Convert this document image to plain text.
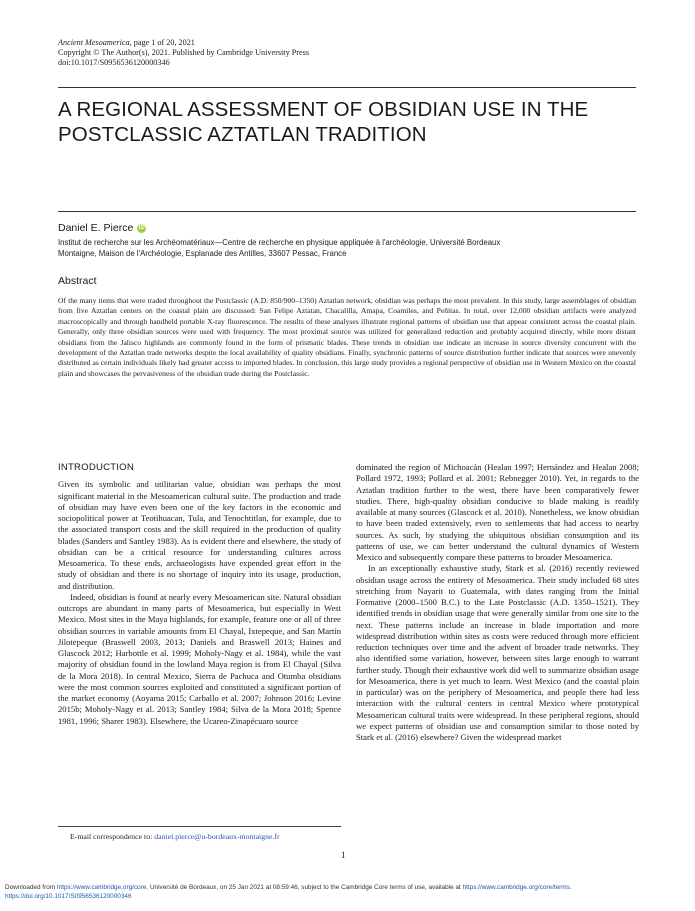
Ancient Mesoamerica, page 1 of 20, 2021
Copyright © The Author(s), 2021. Published by Cambridge University Press
doi:10.1017/S0956536120000346
A REGIONAL ASSESSMENT OF OBSIDIAN USE IN THE
POSTCLASSIC AZTATLAN TRADITION
Daniel E. Pierce iD
Institut de recherche sur les Archéomatériaux—Centre de recherche en physique appliquée à l'archéologie, Université Bordeaux
Montaigne, Maison de l'Archéologie, Esplanade des Antilles, 33607 Pessac, France
Abstract
Of the many items that were traded throughout the Postclassic (A.D. 850/900–1350) Aztatlan network, obsidian was perhaps the most prevalent. In this study, large assemblages of obsidian from five Aztatlan centers on the coastal plain are discussed: San Felipe Aztatan, Chacalilla, Amapa, Coamiles, and Peñitas. In total, over 12,000 obsidian artifacts were analyzed macroscopically and through handheld portable X-ray fluorescence. The results of these analyses illustrate regional patterns of obsidian use that appear consistent across the coastal plain. Generally, only three obsidian sources were used with frequency. The most proximal source was utilized for generalized reduction and probably acquired directly, while more distant obsidians from the Jalisco highlands are commonly found in the form of prismatic blades. These trends in obsidian use indicate an increase in source diversity concurrent with the development of the Aztatlan trade networks despite the local availability of quality obsidians. Finally, synchronic patterns of source distribution further indicate that sources were unevenly distributed as certain individuals likely had greater access to imported blades. In conclusion, this large study provides a regional perspective of obsidian use in Western Mexico on the coastal plain and showcases the pervasiveness of the obsidian trade during the Postclassic.
INTRODUCTION

Given its symbolic and utilitarian value, obsidian was perhaps the most significant material in the Mesoamerican cultural suite. The production and trade of obsidian may have even been one of the key factors in the economic and sociopolitical power at Teotihuacan, Tula, and Tenochtitlan, for example, due to the associated transport costs and the skill required in the production of quality blades (Sanders and Santley 1983). As is evident there and elsewhere, the study of obsidian can be a critical resource for understanding cultures across Mesoamerica. To these ends, archaeologists have expended great effort in the study of obsidian and there is no shortage of inquiry into its usage, production, and distribution.

Indeed, obsidian is found at nearly every Mesoamerican site. Natural obsidian outcrops are abundant in many parts of Mesoamerica, but especially in West Mexico. Most sites in the Maya highlands, for example, feature one or all of three obsidian sources in variable amounts from El Chayal, Ixtepeque, and San Martín Jilotepeque (Braswell 2003, 2013; Daniels and Braswell 2013; Haines and Glascock 2012; Harbottle et al. 1999; Moholy-Nagy et al. 1984), while the vast majority of obsidian found in the lowland Maya region is from El Chayal (Silva de la Mora 2018). In central Mexico, Sierra de Pachuca and Otumba obsidians were the most common sources exploited and constituted a significant portion of the market economy (Aoyama 2015; Carballo et al. 2007; Johnson 2016; Levine 2015b; Moholy-Nagy et al. 2013; Santley 1984; Silva de la Mora 2018; Spence 1981, 1996; Sharer 1983). Elsewhere, the Ucareo-Zinapécuaro source

dominated the region of Michoacán (Healan 1997; Hernández and Healan 2008; Pollard 1972, 1993; Pollard et al. 2001; Rebnegger 2010). Yet, in regards to the Aztatlan tradition further to the west, there have been comparatively fewer studies. There, high-quality obsidian conducive to blade making is readily available at many sources (Glascock et al. 2010). Nonetheless, we know obsidian to have been traded extensively, even to settlements that had access to nearby sources. As such, by studying the ubiquitous obsidian consumption and its patterns of use, we can better understand the cultural dynamics of Western Mexico and subsequently compare these patterns to broader Mesoamerica.

In an exceptionally exhaustive study, Stark et al. (2016) recently reviewed obsidian usage across the entirety of Mesoamerica. Their study included 68 sites stretching from Nayarit to Guatemala, with dates ranging from the Initial Formative (2000–1500 B.C.) to the Late Postclassic (A.D. 1350–1521). They identified trends in obsidian usage that were generally similar from one site to the next. These patterns include an increase in blade importation and more widespread distribution within sites as costs were reduced through more efficient reduction techniques over time and the advent of broader trade networks. They also identified some variation, however, between sites large enough to warrant further study. Though their exhaustive work did well to summarize obsidian usage for Mesoamerica, there is yet much to learn. West Mexico (and the coastal plain in particular) was on the periphery of Mesoamerica, and people there had less interaction with the cultural centers in central Mexico where prototypical Mesoamerican cultural traits were widespread. In these peripheral regions, should we expect patterns of obsidian use and consumption similar to those noted by Stark et al. (2016) elsewhere? Given the widespread market

E-mail correspondence to: daniel.pierce@u-bordeaux-montaigne.fr
1
Downloaded from https://www.cambridge.org/core. Université de Bordeaux, on 25 Jan 2021 at 08:59:46, subject to the Cambridge Core terms of use, available at https://www.cambridge.org/core/terms.
https://doi.org/10.1017/S0956536120000346
